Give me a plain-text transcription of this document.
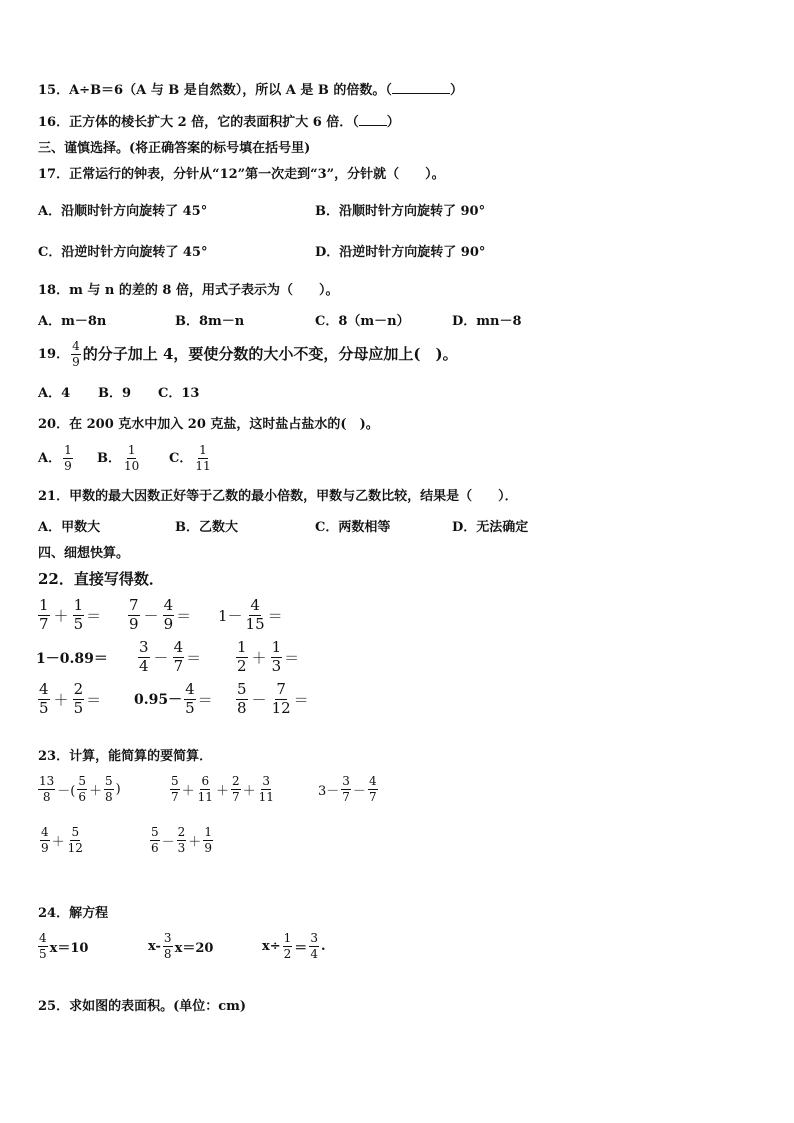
15．A÷B＝6（A 与 B 是自然数），所以 A 是 B 的倍数。（	）
16．正方体的棱长扩大 2 倍，它的表面积扩大 6 倍．（ ）
三、谨慎选择。(将正确答案的标号填在括号里)
17．正常运行的钟表，分针从“12”第一次走到“3”，分针就（　　）。
A．沿顺时针方向旋转了 45°	B．沿顺时针方向旋转了 90°
C．沿逆时针方向旋转了 45°	D．沿逆时针方向旋转了 90°
18．m 与 n 的差的 8 倍，用式子表示为（　　）。
A．m－8n	B．8m－n	C．8（m－n）	D．mn－8
19． $\frac{4}{9}$ 的分子加上 4，要使分数的大小不变，分母应加上(　)。
A．4 B．9 C．13
20．在 200 克水中加入 20 克盐，这时盐占盐水的(　)。
A． $\frac{1}{9}$ B． $\frac{1}{10}$ C． $\frac{1}{11}$
21．甲数的最大因数正好等于乙数的最小倍数，甲数与乙数比较，结果是（　　）．
A．甲数大	B．乙数大	C．两数相等	D．无法确定
四、细想快算。
22．直接写得数．
$\frac{1}{7} + \frac{1}{5} = \frac{7}{9} - \frac{4}{9} = 1- \frac{4}{15}$ ＝
$1-0.89= \frac{3}{4} - \frac{4}{7} = \frac{1}{2} + \frac{1}{3}$ ＝
$\frac{4}{5} + \frac{2}{5} = 0.95- \frac{4}{5} = \frac{5}{8} - \frac{7}{12}$ ＝
23．计算，能简算的要简算．
$\frac{13}{8}$ －( $\frac{5}{6} + \frac{5}{8}$ )	$\frac{5}{7} + \frac{6}{11} + \frac{2}{7} + \frac{3}{11}$	$3- \frac{3}{7} - \frac{4}{7}$
$\frac{4}{9} + \frac{5}{12}$	$\frac{5}{6} - \frac{2}{3} + \frac{1}{9}$
24．解方程
$\frac{4}{5} x=10$	$x- \frac{3}{8} x=20$	$x\div \frac{1}{2} = \frac{3}{4}$ .
25．求如图的表面积。(单位：cm)
